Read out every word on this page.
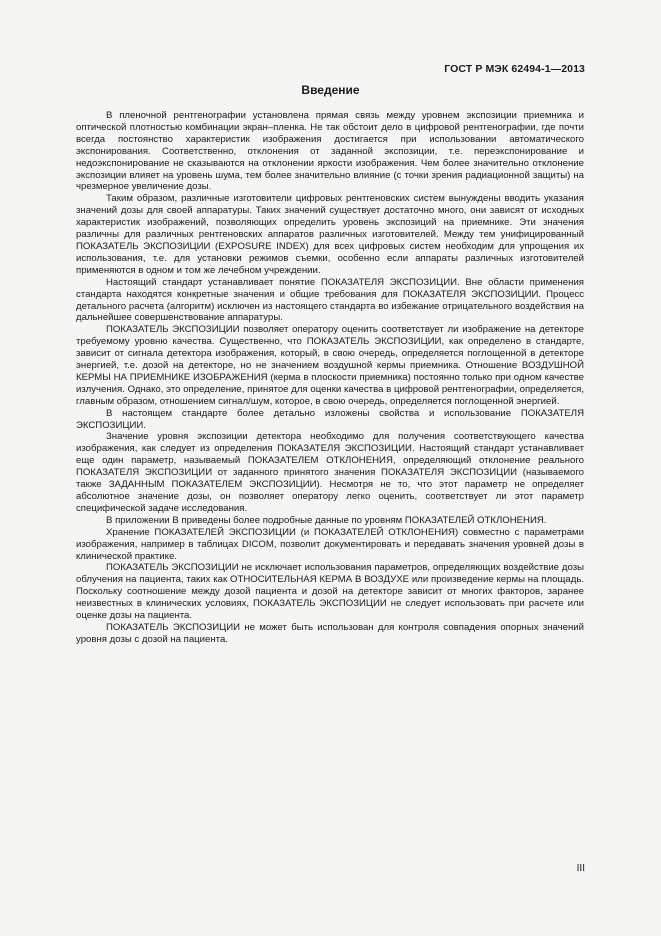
ГОСТ Р МЭК 62494-1—2013
Введение

В пленочной рентгенографии установлена прямая связь между уровнем экспозиции приемника и оптической плотностью комбинации экран–пленка. Не так обстоит дело в цифровой рентгенографии, где почти всегда постоянство характеристик изображения достигается при использовании автоматического экспонирования. Соответственно, отклонения от заданной экспозиции, т.е. переэкспонирование и недоэкспонирование не сказываются на отклонении яркости изображения. Чем более значительно отклонение экспозиции влияет на уровень шума, тем более значительно влияние (с точки зрения радиационной защиты) на чрезмерное увеличение дозы.

Таким образом, различные изготовители цифровых рентгеновских систем вынуждены вводить указания значений дозы для своей аппаратуры. Таких значений существует достаточно много, они зависят от исходных характеристик изображений, позволяющих определить уровень экспозиций на приемнике. Эти значения различны для различных рентгеновских аппаратов различных изготовителей. Между тем унифицированный ПОКАЗАТЕЛЬ ЭКСПОЗИЦИИ (EXPOSURE INDEX) для всех цифровых систем необходим для упрощения их использования, т.е. для установки режимов съемки, особенно если аппараты различных изготовителей применяются в одном и том же лечебном учреждении.

Настоящий стандарт устанавливает понятие ПОКАЗАТЕЛЯ ЭКСПОЗИЦИИ. Вне области применения стандарта находятся конкретные значения и общие требования для ПОКАЗАТЕЛЯ ЭКСПОЗИЦИИ. Процесс детального расчета (алгоритм) исключен из настоящего стандарта во избежание отрицательного воздействия на дальнейшее совершенствование аппаратуры.

ПОКАЗАТЕЛЬ ЭКСПОЗИЦИИ позволяет оператору оценить соответствует ли изображение на детекторе требуемому уровню качества. Существенно, что ПОКАЗАТЕЛЬ ЭКСПОЗИЦИИ, как определено в стандарте, зависит от сигнала детектора изображения, который, в свою очередь, определяется поглощенной в детекторе энергией, т.е. дозой на детекторе, но не значением воздушной кермы приемника. Отношение ВОЗДУШНОЙ КЕРМЫ НА ПРИЕМНИКЕ ИЗОБРАЖЕНИЯ (керма в плоскости приемника) постоянно только при одном качестве излучения. Однако, это определение, принятое для оценки качества в цифровой рентгенографии, определяется, главным образом, отношением сигнал/шум, которое, в свою очередь, определяется поглощенной энергией.

В настоящем стандарте более детально изложены свойства и использование ПОКАЗАТЕЛЯ ЭКСПОЗИЦИИ.

Значение уровня экспозиции детектора необходимо для получения соответствующего качества изображения, как следует из определения ПОКАЗАТЕЛЯ ЭКСПОЗИЦИИ. Настоящий стандарт устанавливает еще один параметр, называемый ПОКАЗАТЕЛЕМ ОТКЛОНЕНИЯ, определяющий отклонение реального ПОКАЗАТЕЛЯ ЭКСПОЗИЦИИ от заданного принятого значения ПОКАЗАТЕЛЯ ЭКСПОЗИЦИИ (называемого также ЗАДАННЫМ ПОКАЗАТЕЛЕМ ЭКСПОЗИЦИИ). Несмотря не то, что этот параметр не определяет абсолютное значение дозы, он позволяет оператору легко оценить, соответствует ли этот параметр специфической задаче исследования.

В приложении В приведены более подробные данные по уровням ПОКАЗАТЕЛЕЙ ОТКЛОНЕНИЯ.

Хранение ПОКАЗАТЕЛЕЙ ЭКСПОЗИЦИИ (и ПОКАЗАТЕЛЕЙ ОТКЛОНЕНИЯ) совместно с параметрами изображения, например в таблицах DICOM, позволит документировать и передавать значения уровней дозы в клинической практике.

ПОКАЗАТЕЛЬ ЭКСПОЗИЦИИ не исключает использования параметров, определяющих воздействие дозы облучения на пациента, таких как ОТНОСИТЕЛЬНАЯ КЕРМА В ВОЗДУХЕ или произведение кермы на площадь. Поскольку соотношение между дозой пациента и дозой на детекторе зависит от многих факторов, заранее неизвестных в клинических условиях, ПОКАЗАТЕЛЬ ЭКСПОЗИЦИИ не следует использовать при расчете или оценке дозы на пациента.

ПОКАЗАТЕЛЬ ЭКСПОЗИЦИИ не может быть использован для контроля совпадения опорных значений уровня дозы с дозой на пациента.

III
